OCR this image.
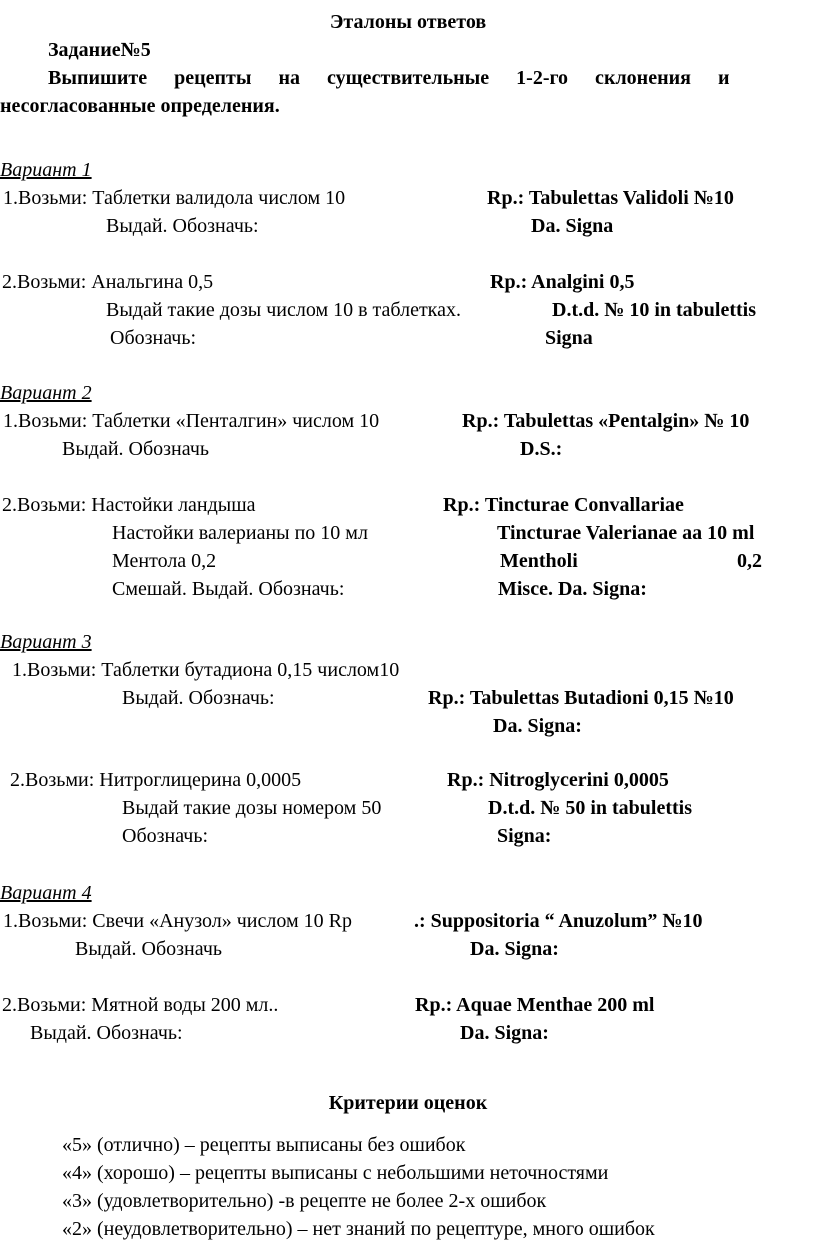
Эталоны ответов
Задание№5
Выпишите рецепты на существительные 1-2-го склонения и
несогласованные определения.
Вариант 1
1.Возьми: Таблетки валидола числом 10	Rp.: Tabulettas Validoli №10
Выдай. Обозначь:	Da. Signa
2.Возьми: Анальгина 0,5	Rp.: Analgini 0,5
Выдай такие дозы числом 10 в таблетках.	D.t.d. № 10 in tabulettis
Обозначь:	Signa
Вариант 2
1.Возьми: Таблетки «Пенталгин» числом 10	Rp.: Tabulettas «Pentalgin» № 10
Выдай. Обозначь	D.S.:
2.Возьми: Настойки ландыша	Rp.: Tincturae Convallariae
Настойки валерианы по 10 мл	Tincturae Valerianae aa 10 ml
Ментола 0,2	Mentholi	0,2
Смешай. Выдай. Обозначь:	Misce. Da. Signa:
Вариант 3
1.Возьми: Таблетки бутадиона 0,15 числом10
Выдай. Обозначь:	Rp.: Tabulettas Butadioni 0,15 №10
Da. Signa:
2.Возьми: Нитроглицерина 0,0005	Rp.: Nitroglycerini 0,0005
Выдай такие дозы номером 50	D.t.d. № 50 in tabulettis
Обозначь:	Signa:
Вариант 4
1.Возьми: Свечи «Анузол» числом 10 Rp	.: Suppositoria “ Anuzolum” №10
Выдай. Обозначь	Da. Signa:
2.Возьми: Мятной воды 200 мл..	Rp.: Aquae Menthae 200 ml
Выдай. Обозначь:	Da. Signa:
Критерии оценок
«5» (отлично) – рецепты выписаны без ошибок
«4» (хорошо) – рецепты выписаны с небольшими неточностями
«3» (удовлетворительно) -в рецепте не более 2-х ошибок
«2» (неудовлетворительно) – нет знаний по рецептуре, много ошибок
